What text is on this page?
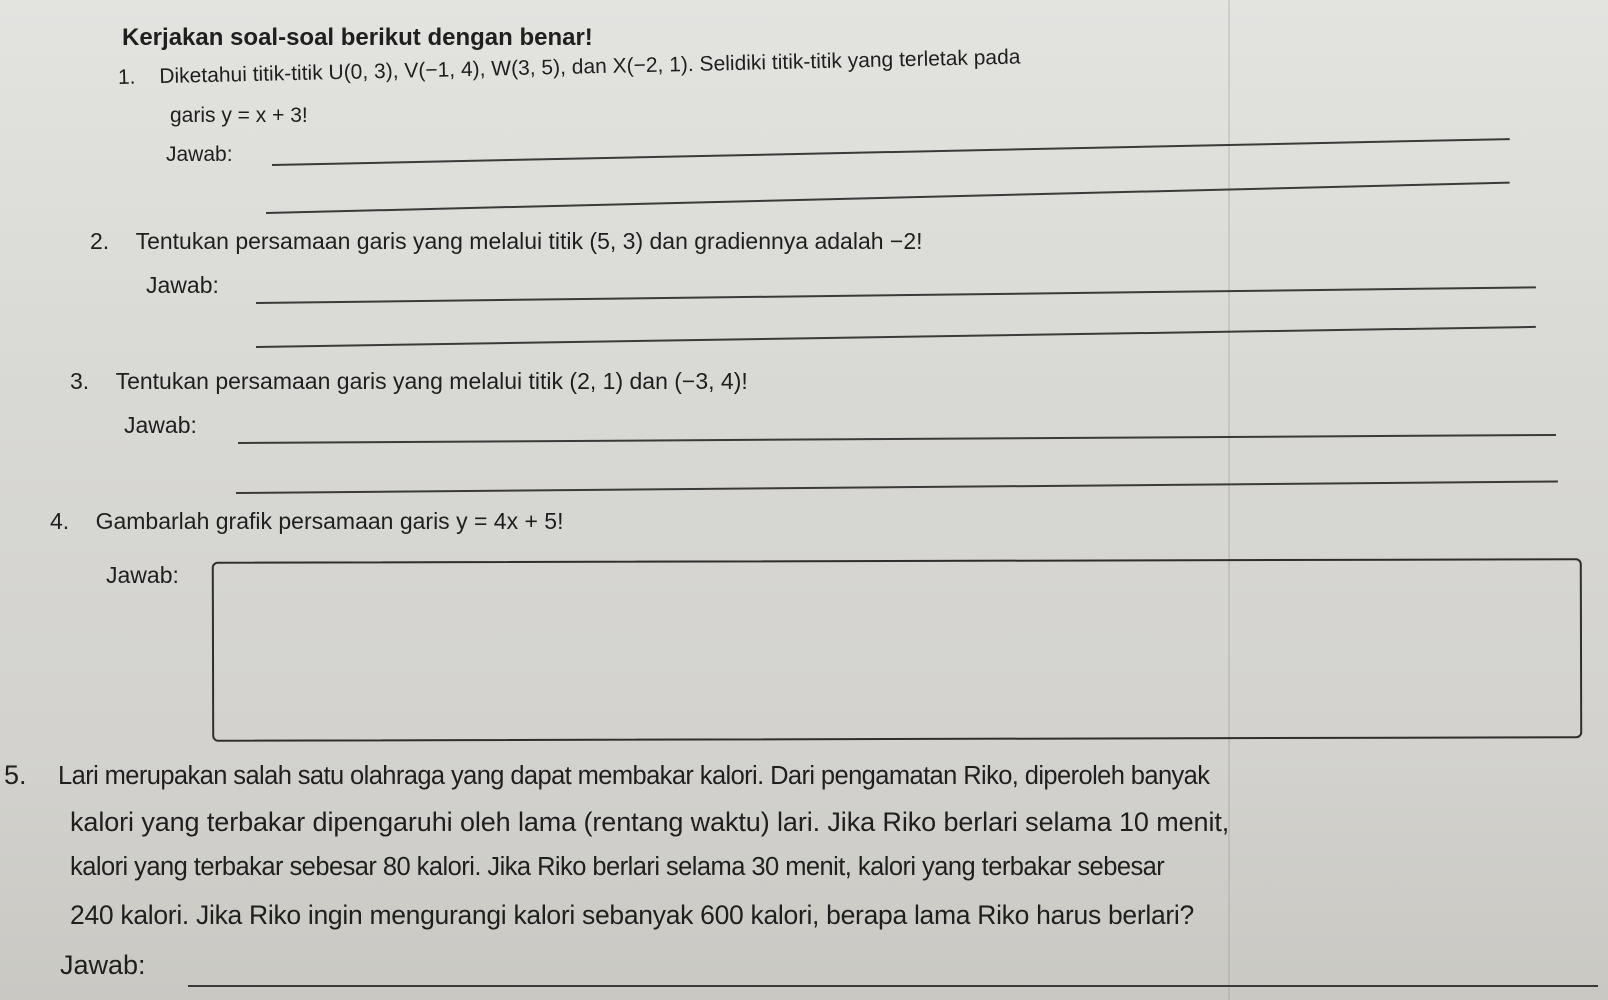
Kerjakan soal-soal berikut dengan benar!
1. Diketahui titik-titik U(0, 3), V(−1, 4), W(3, 5), dan X(−2, 1). Selidiki titik-titik yang terletak pada
garis y = x + 3!
Jawab:
2. Tentukan persamaan garis yang melalui titik (5, 3) dan gradiennya adalah −2!
Jawab:
3. Tentukan persamaan garis yang melalui titik (2, 1) dan (−3, 4)!
Jawab:
4. Gambarlah grafik persamaan garis y = 4x + 5!
Jawab:
5. Lari merupakan salah satu olahraga yang dapat membakar kalori. Dari pengamatan Riko, diperoleh banyak
kalori yang terbakar dipengaruhi oleh lama (rentang waktu) lari. Jika Riko berlari selama 10 menit,
kalori yang terbakar sebesar 80 kalori. Jika Riko berlari selama 30 menit, kalori yang terbakar sebesar
240 kalori. Jika Riko ingin mengurangi kalori sebanyak 600 kalori, berapa lama Riko harus berlari?
Jawab:
